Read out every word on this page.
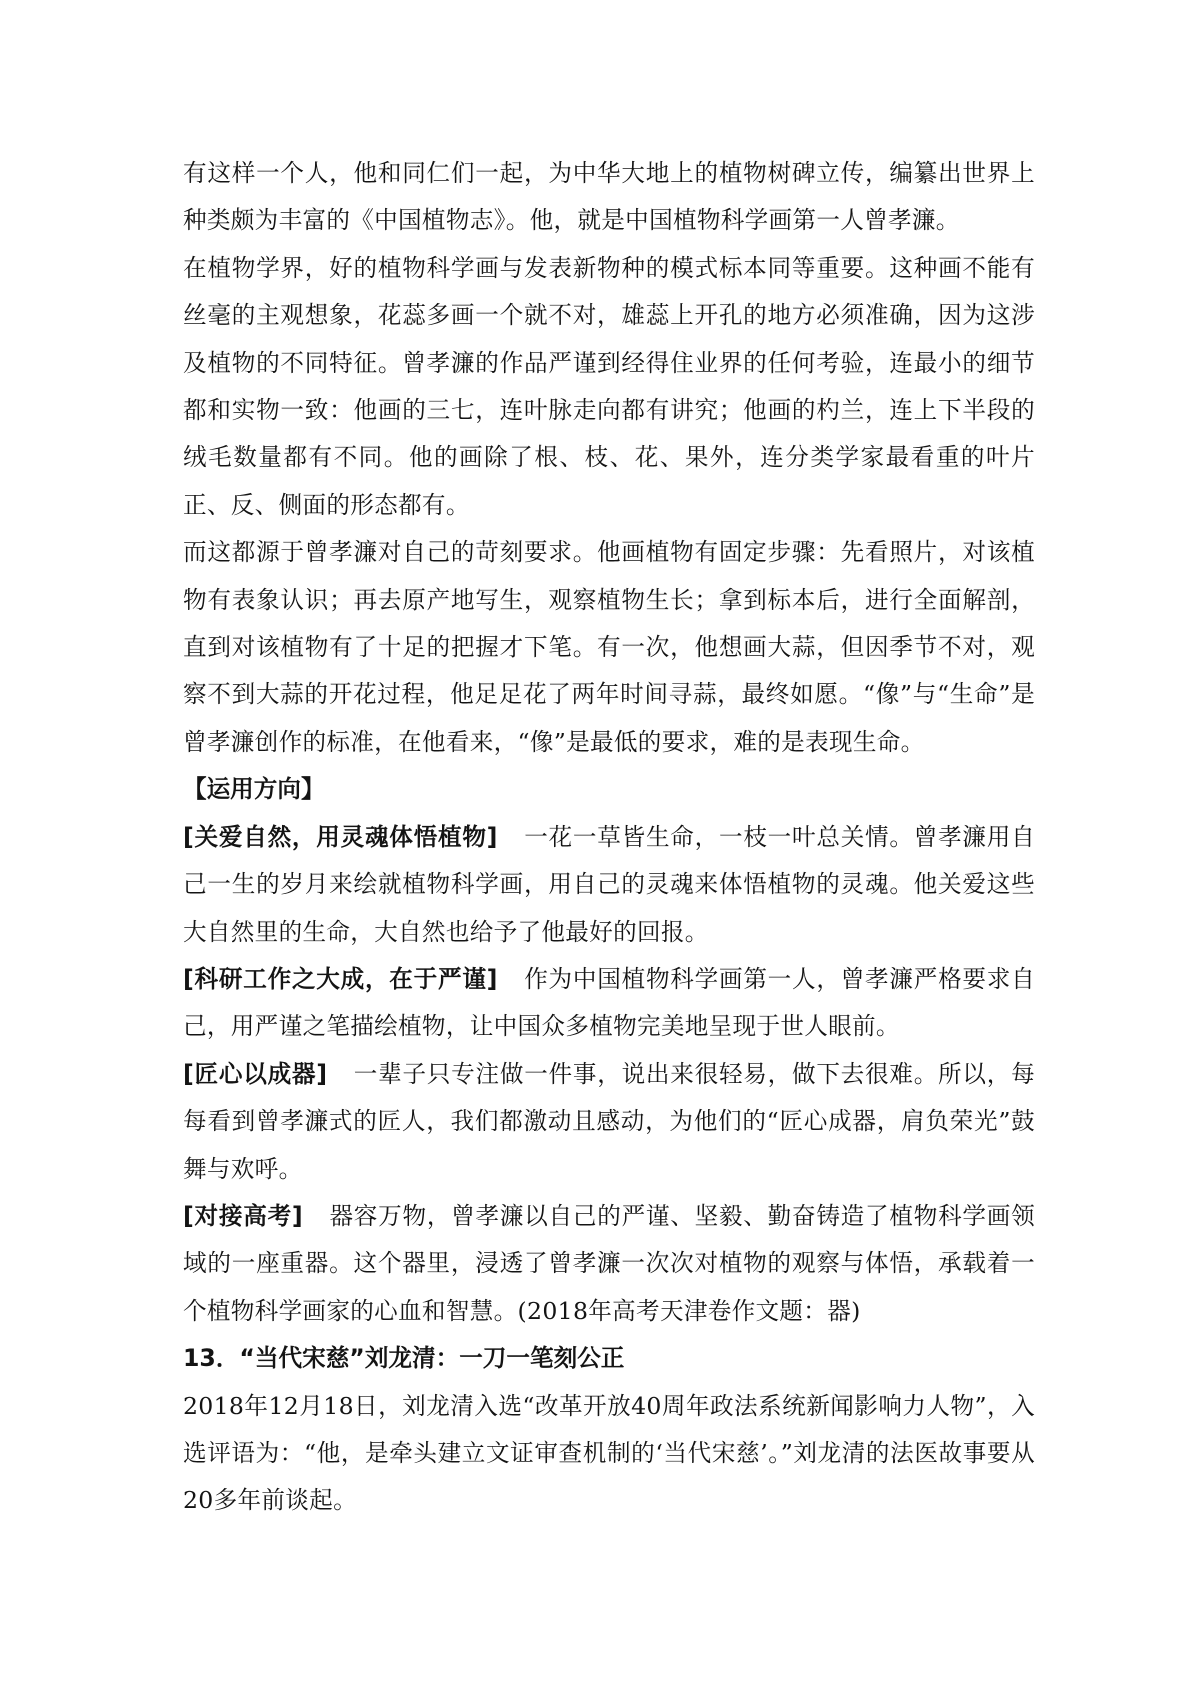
有这样一个人，他和同仁们一起，为中华大地上的植物树碑立传，编纂出世界上种类颇为丰富的《中国植物志》。他，就是中国植物科学画第一人曾孝濂。

在植物学界，好的植物科学画与发表新物种的模式标本同等重要。这种画不能有丝毫的主观想象，花蕊多画一个就不对，雄蕊上开孔的地方必须准确，因为这涉及植物的不同特征。曾孝濂的作品严谨到经得住业界的任何考验，连最小的细节都和实物一致：他画的三七，连叶脉走向都有讲究；他画的杓兰，连上下半段的绒毛数量都有不同。他的画除了根、枝、花、果外，连分类学家最看重的叶片正、反、侧面的形态都有。

而这都源于曾孝濂对自己的苛刻要求。他画植物有固定步骤：先看照片，对该植物有表象认识；再去原产地写生，观察植物生长；拿到标本后，进行全面解剖，直到对该植物有了十足的把握才下笔。有一次，他想画大蒜，但因季节不对，观察不到大蒜的开花过程，他足足花了两年时间寻蒜，最终如愿。“像”与“生命”是曾孝濂创作的标准，在他看来，“像”是最低的要求，难的是表现生命。

【运用方向】

[关爱自然，用灵魂体悟植物] 一花一草皆生命，一枝一叶总关情。曾孝濂用自己一生的岁月来绘就植物科学画，用自己的灵魂来体悟植物的灵魂。他关爱这些大自然里的生命，大自然也给予了他最好的回报。

[科研工作之大成，在于严谨] 作为中国植物科学画第一人，曾孝濂严格要求自己，用严谨之笔描绘植物，让中国众多植物完美地呈现于世人眼前。

[匠心以成器] 一辈子只专注做一件事，说出来很轻易，做下去很难。所以，每每看到曾孝濂式的匠人，我们都激动且感动，为他们的“匠心成器，肩负荣光”鼓舞与欢呼。

[对接高考] 器容万物，曾孝濂以自己的严谨、坚毅、勤奋铸造了植物科学画领域的一座重器。这个器里，浸透了曾孝濂一次次对植物的观察与体悟，承载着一个植物科学画家的心血和智慧。(2018年高考天津卷作文题：器)

13．“当代宋慈”刘龙清：一刀一笔刻公正

2018年12月18日，刘龙清入选“改革开放40周年政法系统新闻影响力人物”，入选评语为：“他，是牵头建立文证审查机制的‘当代宋慈’。”刘龙清的法医故事要从20多年前谈起。
